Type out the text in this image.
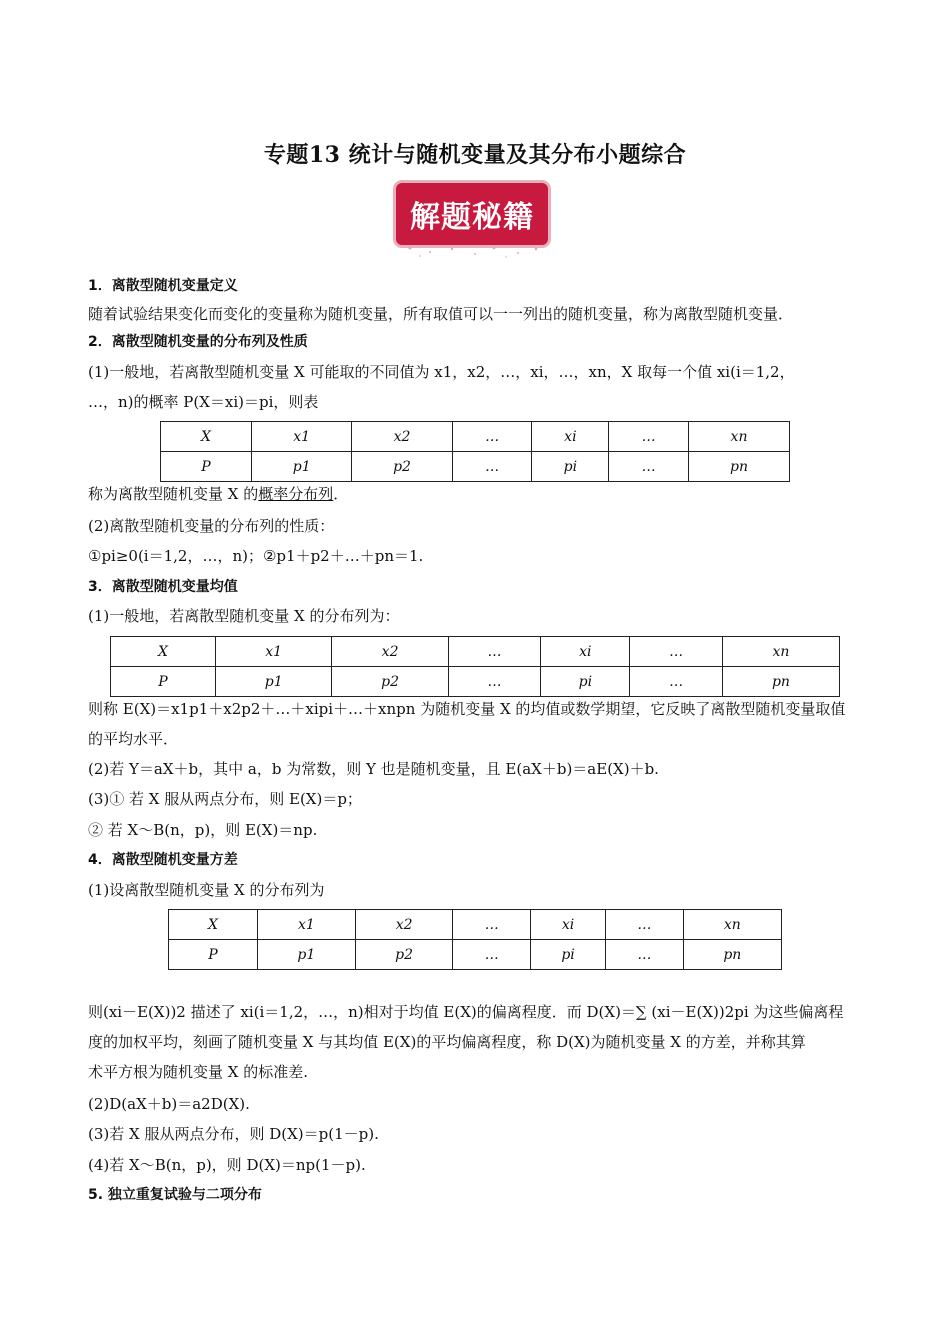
专题13 统计与随机变量及其分布小题综合
解题秘籍
1．离散型随机变量定义
随着试验结果变化而变化的变量称为随机变量，所有取值可以一一列出的随机变量，称为离散型随机变量．
2．离散型随机变量的分布列及性质
(1)一般地，若离散型随机变量 X 可能取的不同值为 x1，x2，…，xi，…，xn，X 取每一个值 xi(i＝1,2，
…，n)的概率 P(X＝xi)＝pi，则表
X	x1	x2	…	xi	…	xn
P	p1	p2	…	pi	…	pn
称为离散型随机变量 X 的概率分布列．
(2)离散型随机变量的分布列的性质：
①pi≥0(i＝1,2，…，n)；②p1＋p2＋…＋pn＝1.
3．离散型随机变量均值
(1)一般地，若离散型随机变量 X 的分布列为：
X	x1	x2	…	xi	…	xn
P	p1	p2	…	pi	…	pn
则称 E(X)＝x1p1＋x2p2＋…＋xipi＋…＋xnpn 为随机变量 X 的均值或数学期望，它反映了离散型随机变量取值
的平均水平．
(2)若 Y＝aX＋b，其中 a，b 为常数，则 Y 也是随机变量，且 E(aX＋b)＝aE(X)＋b.
(3)① 若 X 服从两点分布，则 E(X)＝p；
② 若 X～B(n，p)，则 E(X)＝np.
4．离散型随机变量方差
(1)设离散型随机变量 X 的分布列为
X	x1	x2	…	xi	…	xn
P	p1	p2	…	pi	…	pn
则(xi－E(X))2 描述了 xi(i＝1,2，…，n)相对于均值 E(X)的偏离程度．而 D(X)＝∑ (xi－E(X))2pi 为这些偏离程
度的加权平均，刻画了随机变量 X 与其均值 E(X)的平均偏离程度，称 D(X)为随机变量 X 的方差，并称其算
术平方根为随机变量 X 的标准差.
(2)D(aX＋b)＝a2D(X).
(3)若 X 服从两点分布，则 D(X)＝p(1－p).
(4)若 X～B(n，p)，则 D(X)＝np(1－p).
5. 独立重复试验与二项分布
